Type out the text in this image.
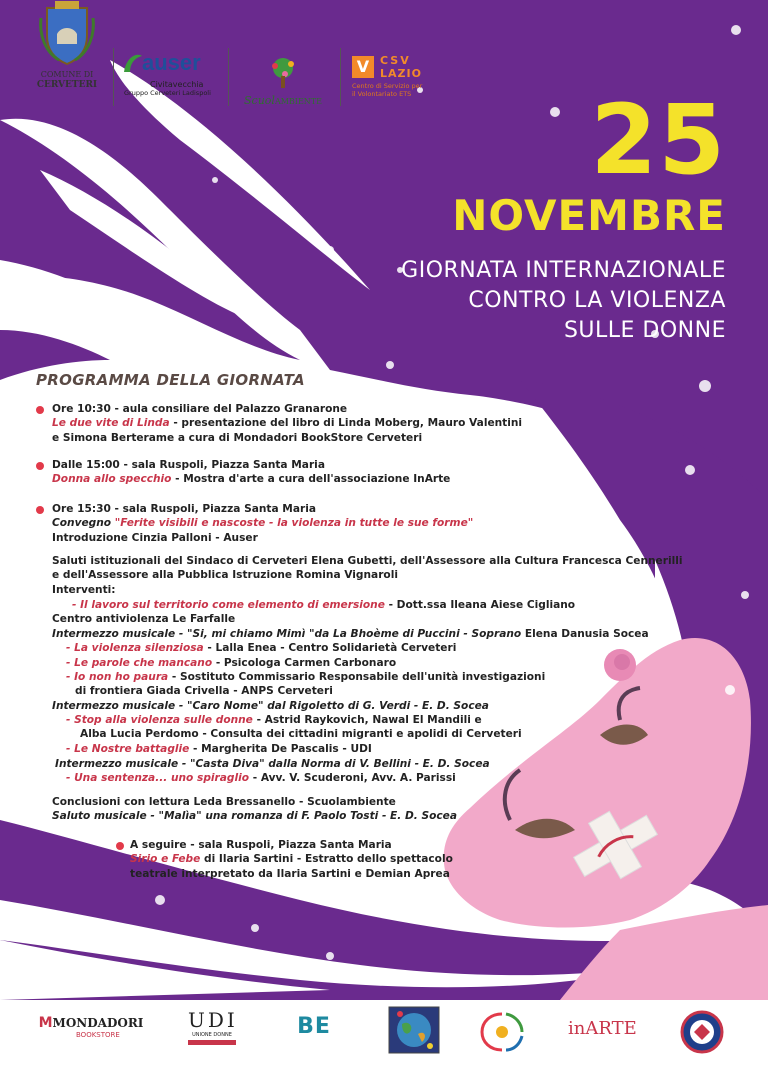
COMUNE DI
CERVETERI
auser
Civitavecchia
Gruppo Cerveteri Ladispoli
ScuolAMBIENTE
V CSV
LAZIO
Centro di Servizio per
il Volontariato ETS 25
NOVEMBRE
GIORNATA INTERNAZIONALE
CONTRO LA VIOLENZA
SULLE DONNE
PROGRAMMA DELLA GIORNATA
Ore 10:30 - aula consiliare del Palazzo Granarone
Le due vite di Linda - presentazione del libro di Linda Moberg, Mauro Valentini
e Simona Berterame a cura di Mondadori BookStore Cerveteri
Dalle 15:00 - sala Ruspoli, Piazza Santa Maria
Donna allo specchio - Mostra d'arte a cura dell'associazione InArte
Ore 15:30 - sala Ruspoli, Piazza Santa Maria
Convegno "Ferite visibili e nascoste - la violenza in tutte le sue forme"
Introduzione Cinzia Palloni - Auser
Saluti istituzionali del Sindaco di Cerveteri Elena Gubetti, dell'Assessore alla Cultura Francesca Cennerilli
e dell'Assessore alla Pubblica Istruzione Romina Vignaroli
Interventi:
- Il lavoro sul territorio come elemento di emersione - Dott.ssa Ileana Aiese Cigliano
Centro antiviolenza Le Farfalle
Intermezzo musicale - "Si, mi chiamo Mimì "da La Bhoème di Puccini - Soprano Elena Danusia Socea
- La violenza silenziosa - Lalla Enea - Centro Solidarietà Cerveteri
- Le parole che mancano - Psicologa Carmen Carbonaro
- Io non ho paura - Sostituto Commissario Responsabile dell'unità investigazioni
di frontiera Giada Crivella - ANPS Cerveteri
Intermezzo musicale - "Caro Nome" dal Rigoletto di G. Verdi - E. D. Socea
- Stop alla violenza sulle donne - Astrid Raykovich, Nawal El Mandili e
Alba Lucia Perdomo - Consulta dei cittadini migranti e apolidi di Cerveteri
- Le Nostre battaglie - Margherita De Pascalis - UDI
Intermezzo musicale - "Casta Diva" dalla Norma di V. Bellini - E. D. Socea
- Una sentenza... uno spiraglio - Avv. V. Scuderoni, Avv. A. Parissi
Conclusioni con lettura Leda Bressanello - Scuolambiente
Saluto musicale - "Malìa" una romanza di F. Paolo Tosti - E. D. Socea
A seguire - sala Ruspoli, Piazza Santa Maria
Sirio e Febe di Ilaria Sartini - Estratto dello spettacolo
teatrale interpretato da Ilaria Sartini e Demian Aprea
MMONDADORI
BOOKSTORE
UDI
UNIONE DONNE	BE	inARTE
